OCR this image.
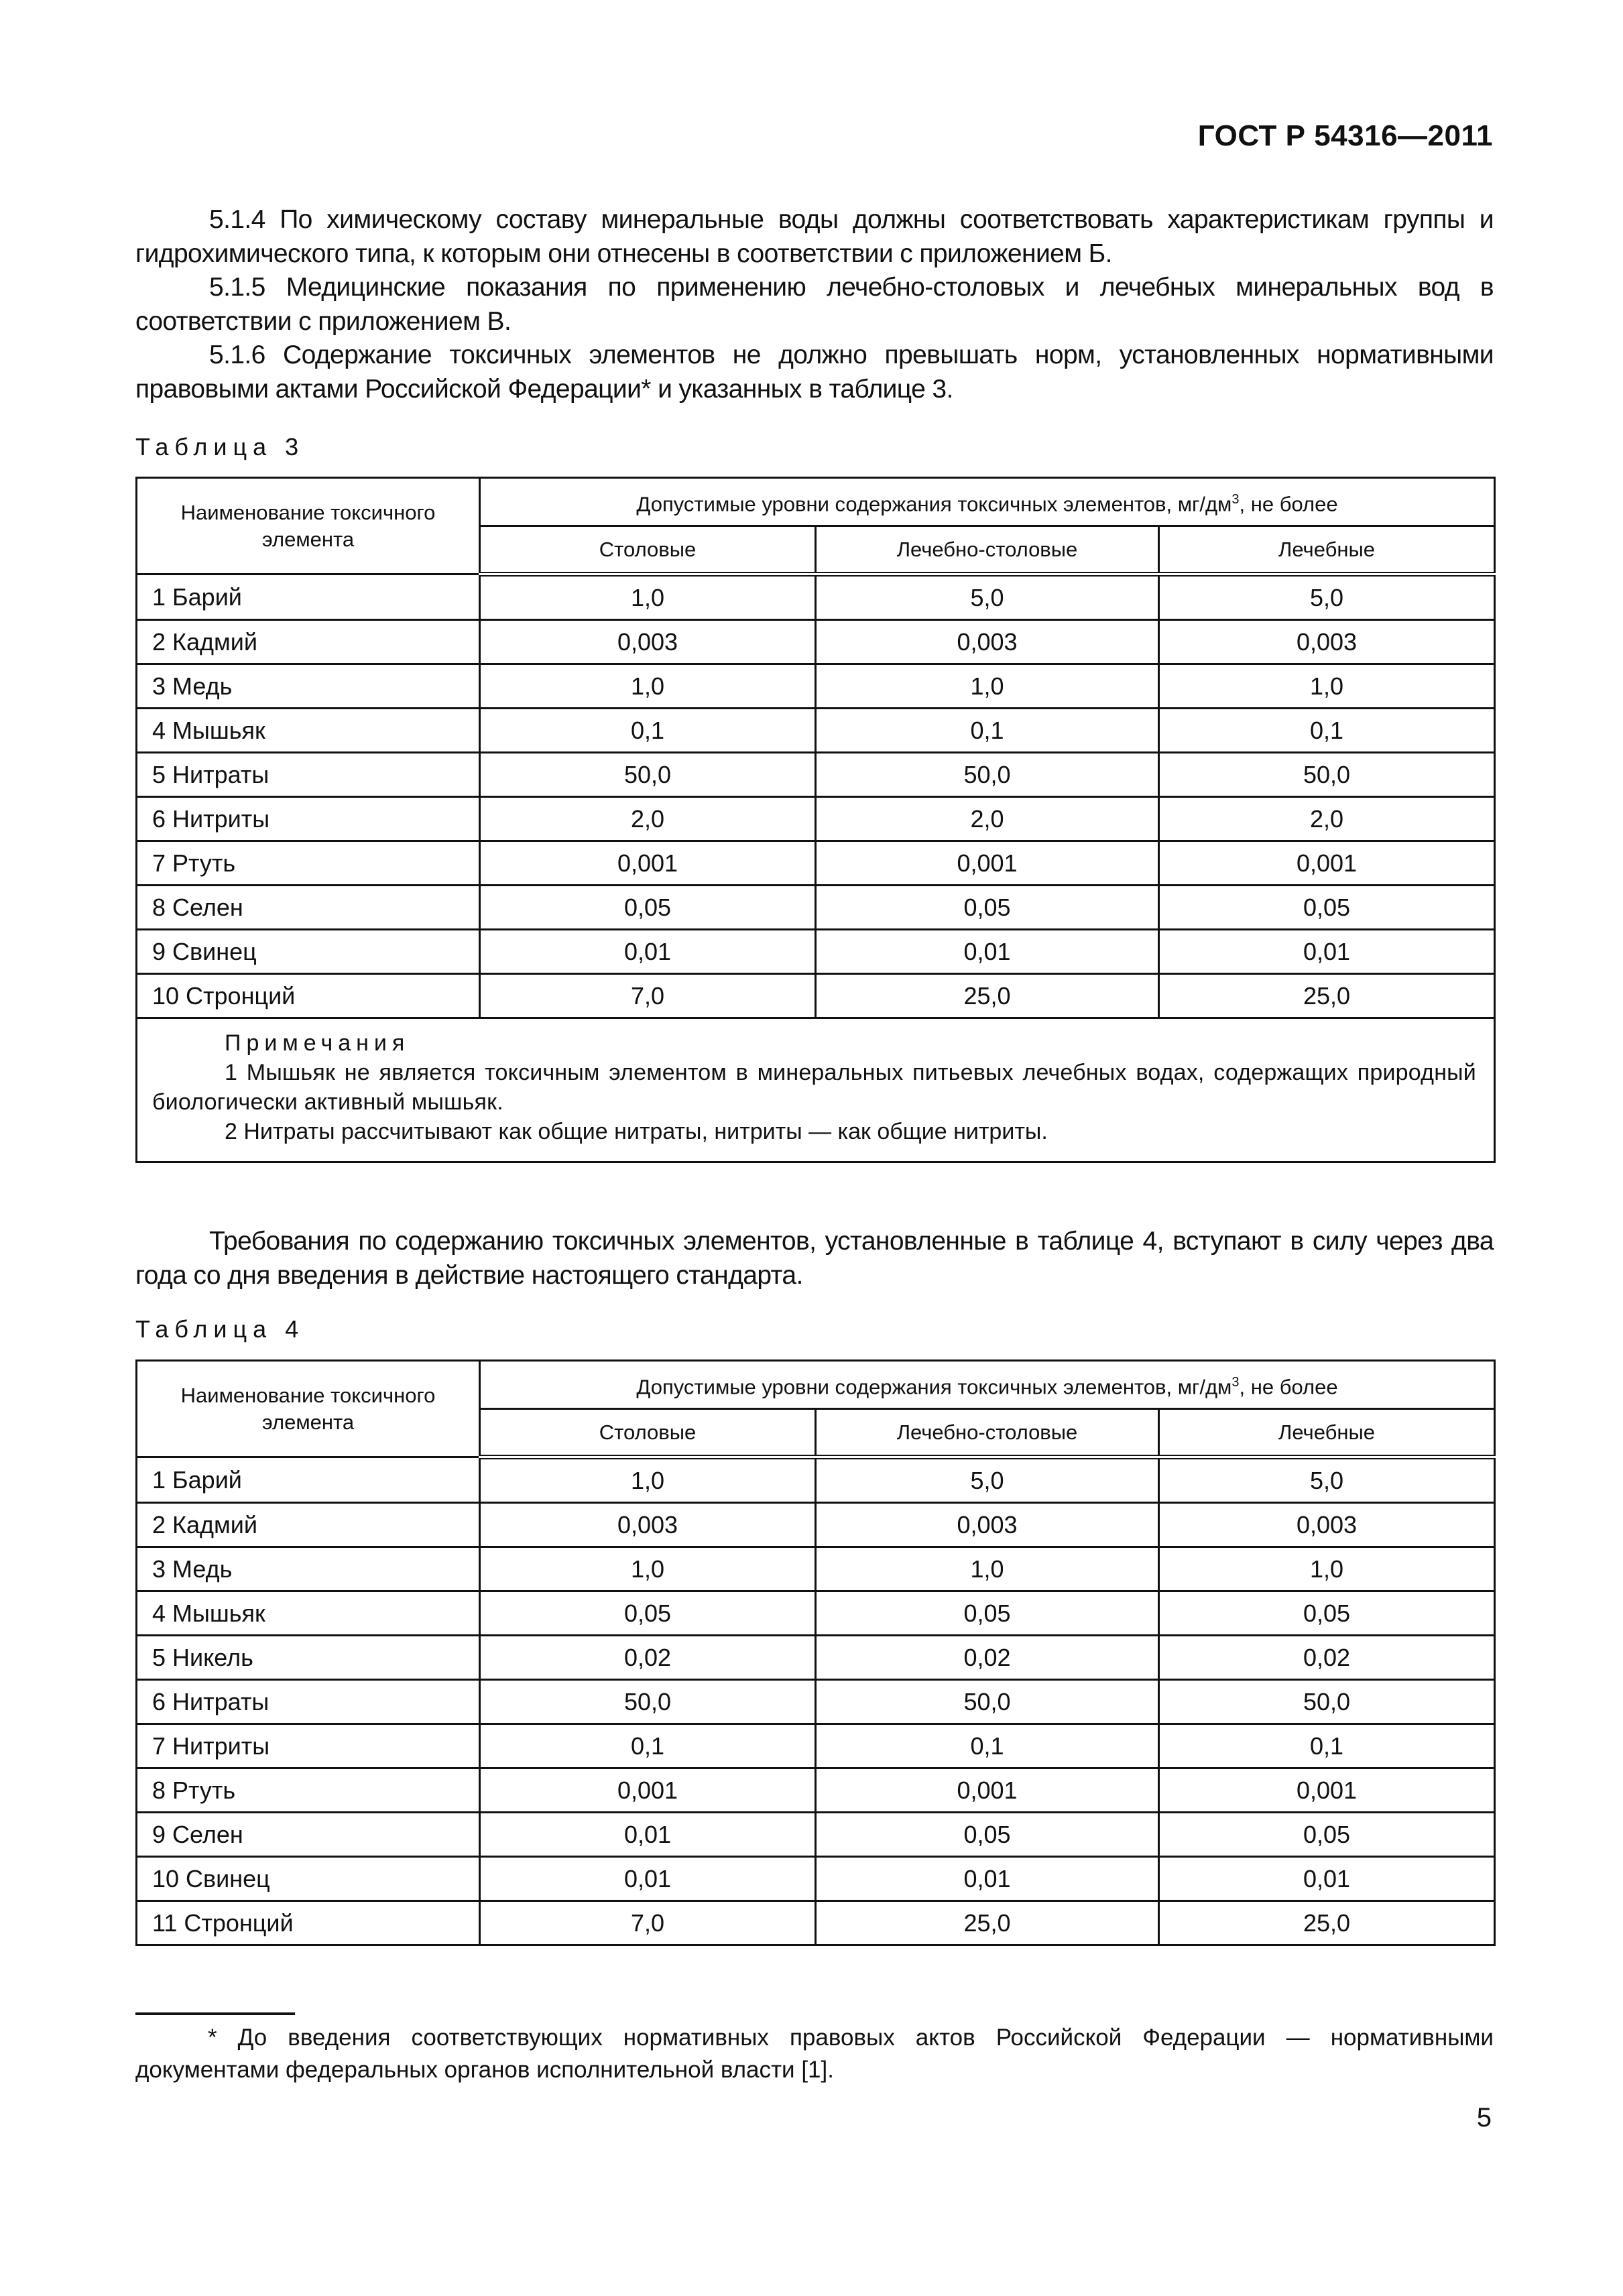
ГОСТ Р 54316—2011

5.1.4 По химическому составу минеральные воды должны соответствовать характеристикам группы и гидрохимического типа, к которым они отнесены в соответствии с приложением Б.

5.1.5 Медицинские показания по применению лечебно-столовых и лечебных минеральных вод в соответствии с приложением В.

5.1.6 Содержание токсичных элементов не должно превышать норм, установленных нормативными правовыми актами Российской Федерации* и указанных в таблице 3.

Таблица 3
Наименование токсичного элемента	Допустимые уровни содержания токсичных элементов, $мг/дм^3$, не более		
	Столовые	Лечебно-столовые	Лечебные
1 Барий	1,0	5,0	5,0
2 Кадмий	0,003	0,003	0,003
3 Медь	1,0	1,0	1,0
4 Мышьяк	0,1	0,1	0,1
5 Нитраты	50,0	50,0	50,0
6 Нитриты	2,0	2,0	2,0
7 Ртуть	0,001	0,001	0,001
8 Селен	0,05	0,05	0,05
9 Свинец	0,01	0,01	0,01
10 Стронций	7,0	25,0	25,0

Примечания
1 Мышьяк не является токсичным элементом в минеральных питьевых лечебных водах, содержащих природный биологически активный мышьяк.
2 Нитраты рассчитывают как общие нитраты, нитриты — как общие нитриты.			

Требования по содержанию токсичных элементов, установленные в таблице 4, вступают в силу через два года со дня введения в действие настоящего стандарта.

Таблица 4
Наименование токсичного элемента	Допустимые уровни содержания токсичных элементов, $мг/дм^3$, не более		
	Столовые	Лечебно-столовые	Лечебные
1 Барий	1,0	5,0	5,0
2 Кадмий	0,003	0,003	0,003
3 Медь	1,0	1,0	1,0
4 Мышьяк	0,05	0,05	0,05
5 Никель	0,02	0,02	0,02
6 Нитраты	50,0	50,0	50,0
7 Нитриты	0,1	0,1	0,1
8 Ртуть	0,001	0,001	0,001
9 Селен	0,01	0,05	0,05
10 Свинец	0,01	0,01	0,01
11 Стронций	7,0	25,0	25,0

* До введения соответствующих нормативных правовых актов Российской Федерации — нормативными документами федеральных органов исполнительной власти [1].

5
